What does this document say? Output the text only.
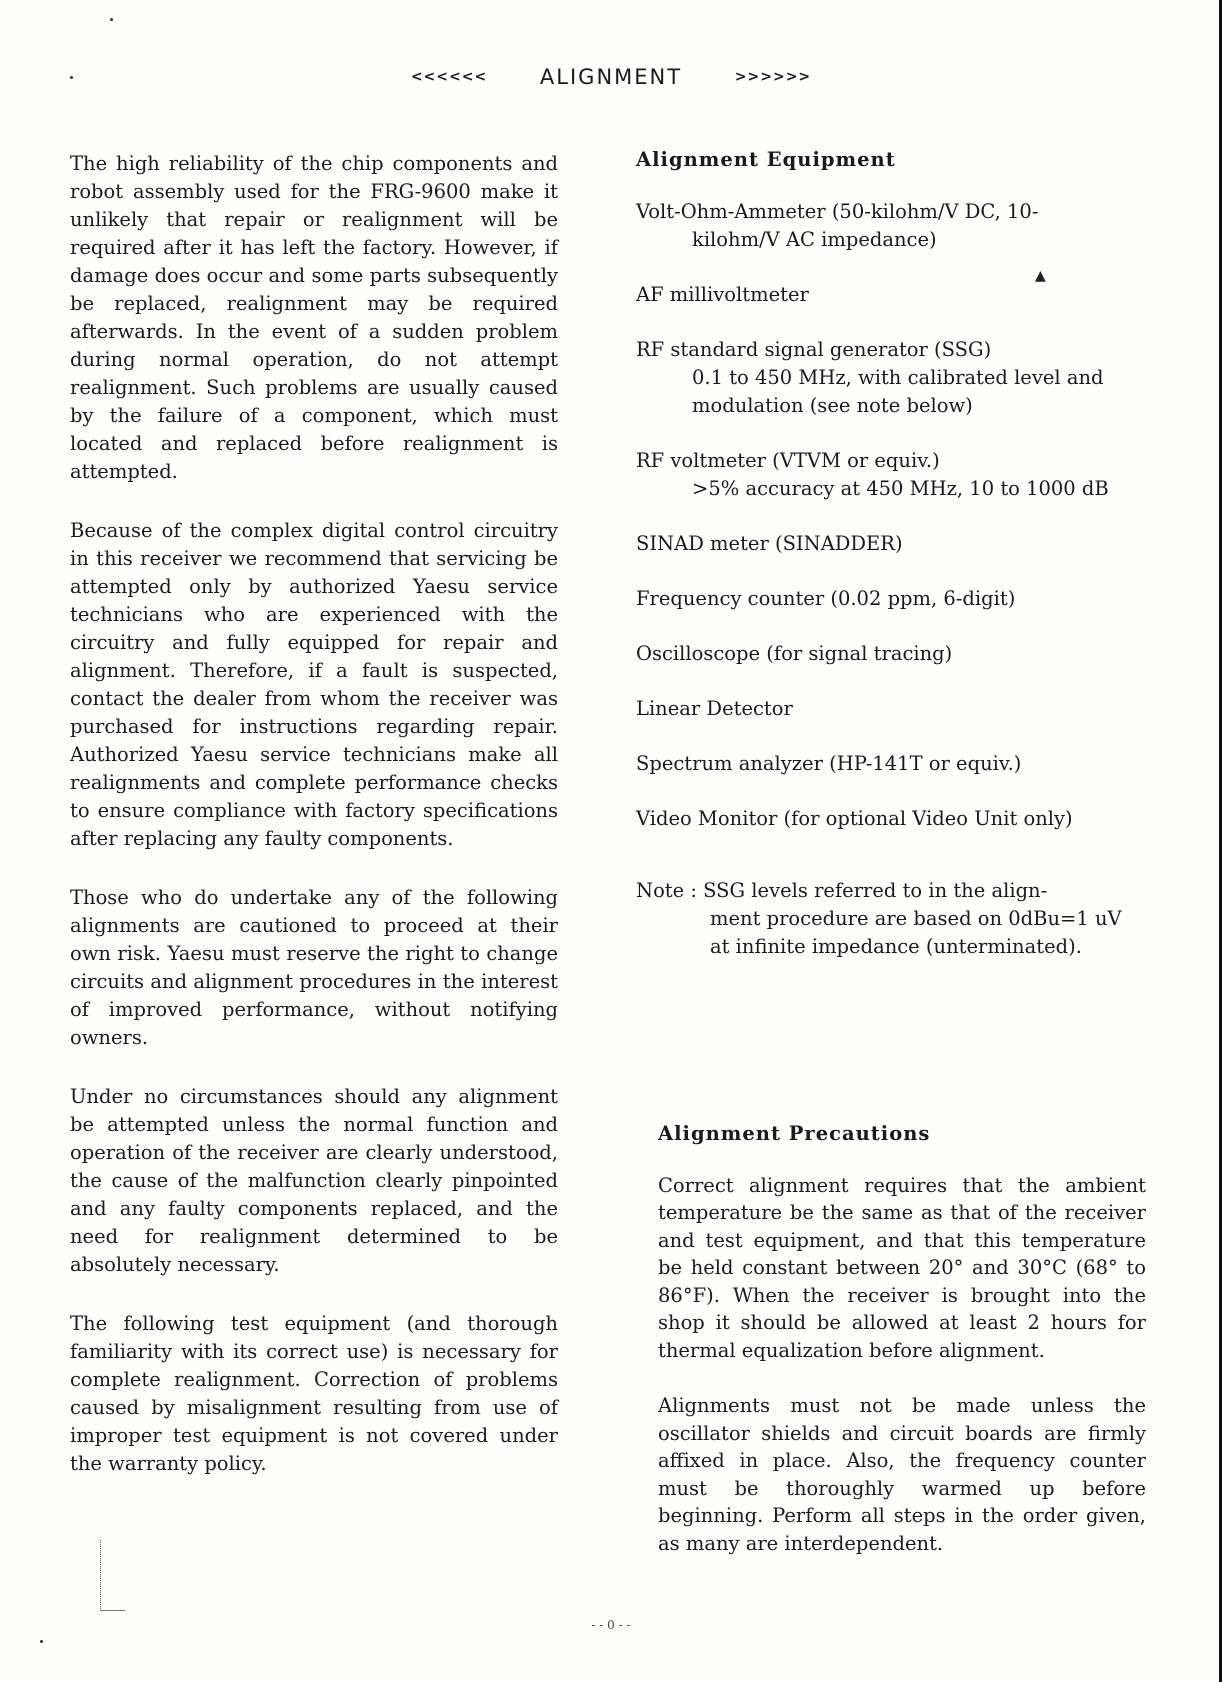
<<<<<<	ALIGNMENT	>>>>>>

The high reliability of the chip components and robot assembly used for the FRG-9600 make it unlikely that repair or realignment will be required after it has left the factory. However, if damage does occur and some parts subsequently be replaced, realignment may be required afterwards. In the event of a sudden problem during normal operation, do not attempt realignment. Such problems are usually caused by the failure of a component, which must located and replaced before realignment is attempted.

Because of the complex digital control circuitry in this receiver we recommend that servicing be attempted only by authorized Yaesu service technicians who are experienced with the circuitry and fully equipped for repair and alignment. Therefore, if a fault is suspected, contact the dealer from whom the receiver was purchased for instructions regarding repair. Authorized Yaesu service technicians make all realignments and complete performance checks to ensure compliance with factory specifications after replacing any faulty components.

Those who do undertake any of the following alignments are cautioned to proceed at their own risk. Yaesu must reserve the right to change circuits and alignment procedures in the interest of improved performance, without notifying owners.

Under no circumstances should any alignment be attempted unless the normal function and operation of the receiver are clearly understood, the cause of the malfunction clearly pinpointed and any faulty components replaced, and the need for realignment determined to be absolutely necessary.

The following test equipment (and thorough familiarity with its correct use) is necessary for complete realignment. Correction of problems caused by misalignment resulting from use of improper test equipment is not covered under the warranty policy.

Alignment Equipment
Volt-Ohm-Ammeter (50-kilohm/V DC, 10-
kilohm/V AC impedance)
AF millivoltmeter
RF standard signal generator (SSG)
0.1 to 450 MHz, with calibrated level and modulation (see note below)
RF voltmeter (VTVM or equiv.)
>5% accuracy at 450 MHz, 10 to 1000 dB
SINAD meter (SINADDER)
Frequency counter (0.02 ppm, 6-digit)
Oscilloscope (for signal tracing)
Linear Detector
Spectrum analyzer (HP-141T or equiv.)
Video Monitor (for optional Video Unit only)
Note : SSG levels referred to in the align-
ment procedure are based on 0dBu=1 uV at infinite impedance (unterminated).
Alignment Precautions

Correct alignment requires that the ambient temperature be the same as that of the receiver and test equipment, and that this temperature be held constant between 20° and 30°C (68° to 86°F). When the receiver is brought into the shop it should be allowed at least 2 hours for thermal equalization before alignment.

Alignments must not be made unless the oscillator shields and circuit boards are firmly affixed in place. Also, the frequency counter must be thoroughly warmed up before beginning. Perform all steps in the order given, as many are interdependent.

▲
- - 0 - -
